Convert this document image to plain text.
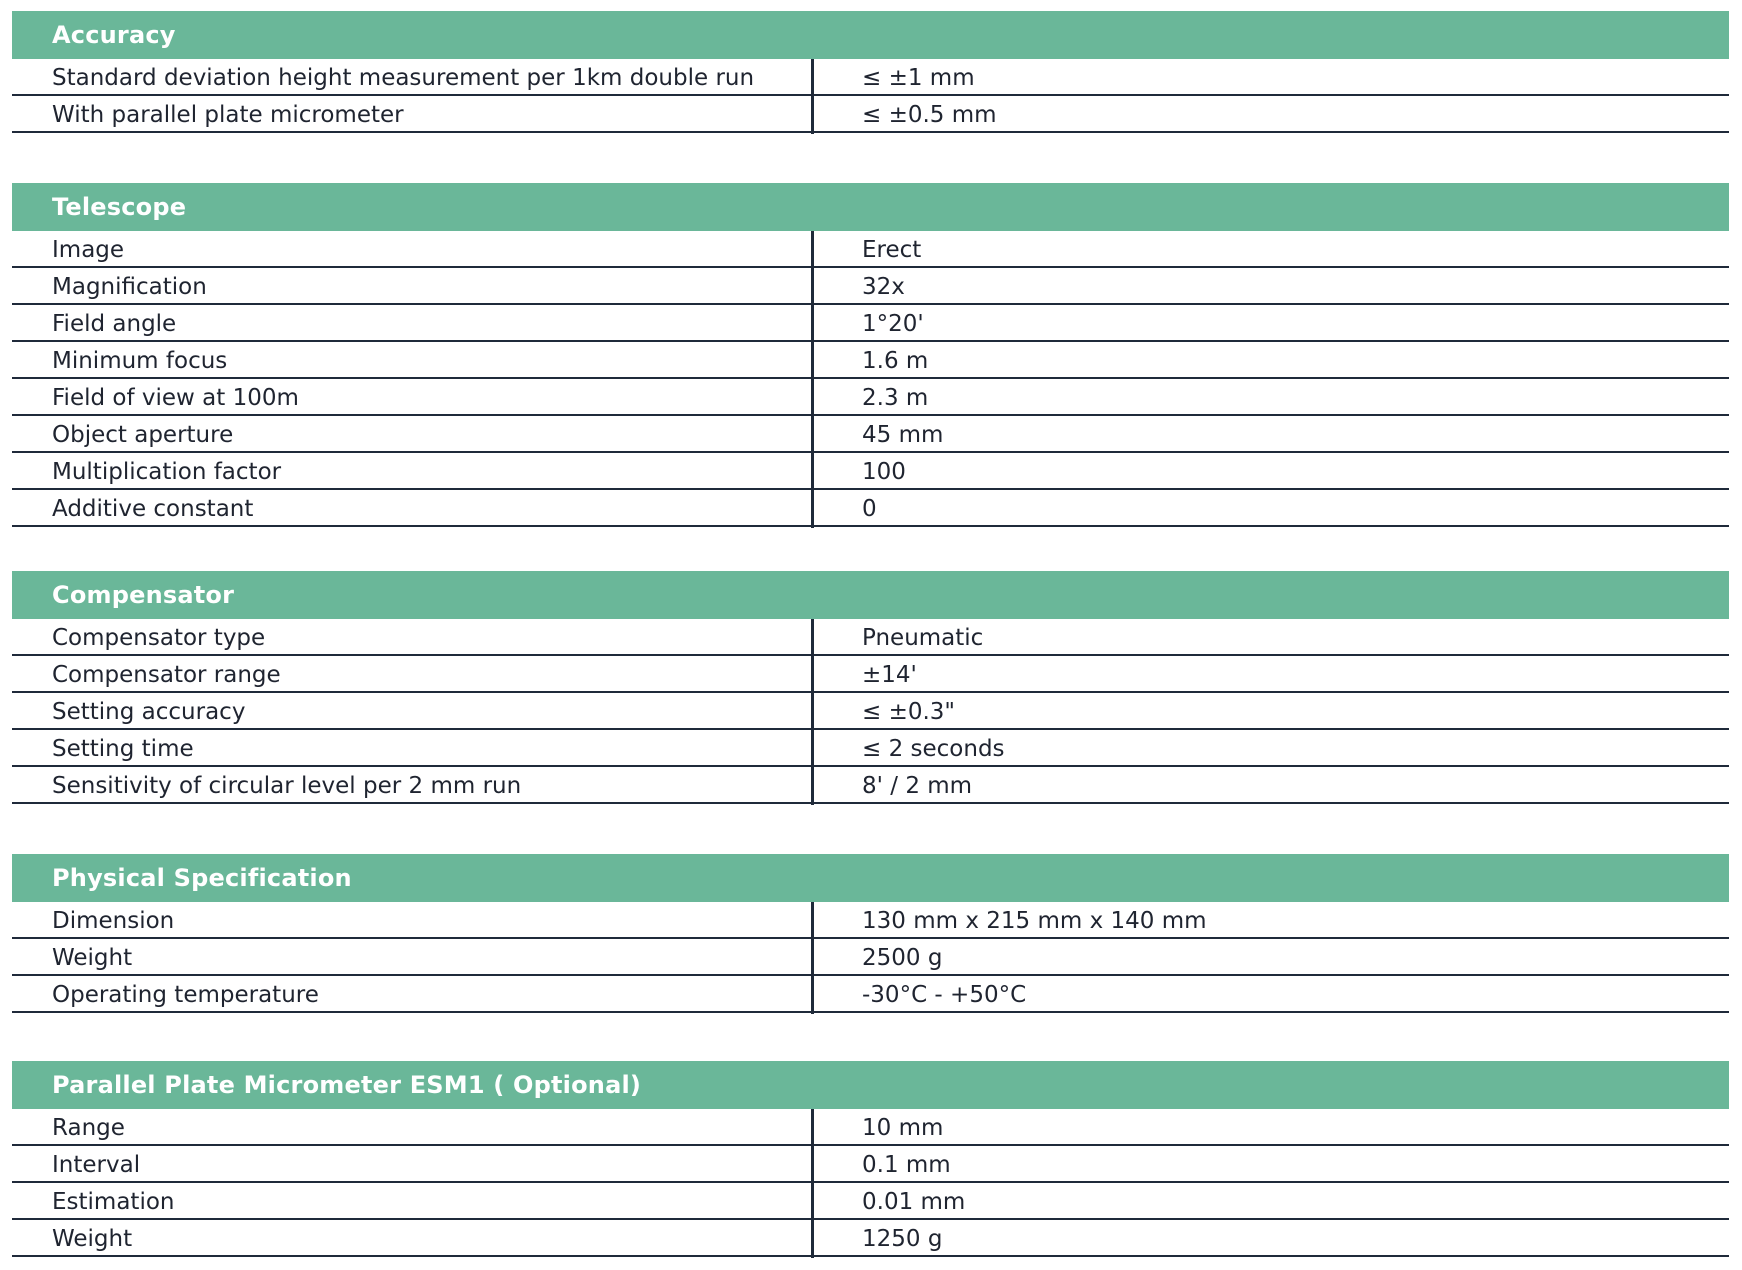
Accuracy
Standard deviation height measurement per 1km double run	≤ ±1 mm
With parallel plate micrometer	≤ ±0.5 mm
Telescope
Image	Erect
Magnification	32x
Field angle	1°20'
Minimum focus	1.6 m
Field of view at 100m	2.3 m
Object aperture	45 mm
Multiplication factor	100
Additive constant	0
Compensator
Compensator type	Pneumatic
Compensator range	±14'
Setting accuracy	≤ ±0.3"
Setting time	≤ 2 seconds
Sensitivity of circular level per 2 mm run	8' / 2 mm
Physical Specification
Dimension	130 mm x 215 mm x 140 mm
Weight	2500 g
Operating temperature	-30°C - +50°C
Parallel Plate Micrometer ESM1 ( Optional)
Range	10 mm
Interval	0.1 mm
Estimation	0.01 mm
Weight	1250 g
